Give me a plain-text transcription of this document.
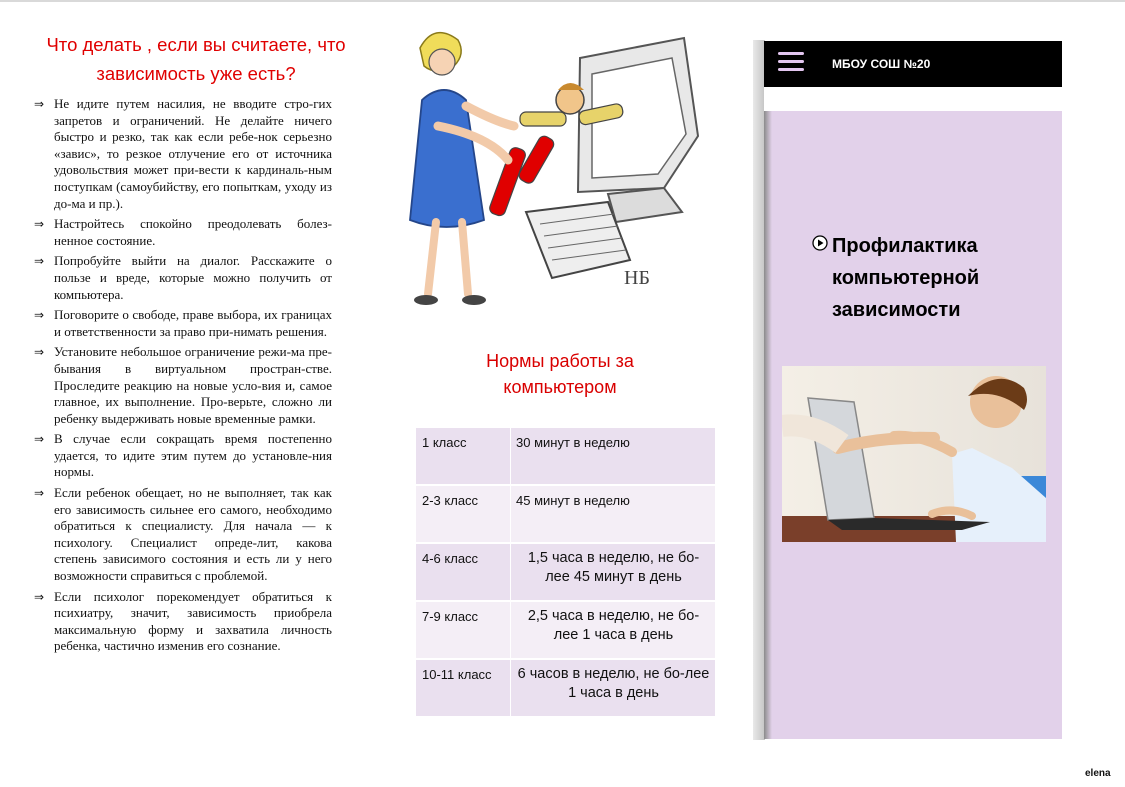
Что делать , если вы считаете, что зависимость уже есть?
⇒ Не идите путем насилия, не вводите стро-гих запретов и ограничений. Не делайте ничего быстро и резко, так как если ребе-нок серьезно «завис», то резкое отлучение его от источника удовольствия может при-вести к кардиналь-ным поступкам (самоубийству, его попыткам, уходу из до-ма и пр.).
⇒ Настройтесь спокойно преодолевать болез-ненное состояние.
⇒ Попробуйте выйти на диалог. Расскажите о пользе и вреде, которые можно получить от компьютера.
⇒ Поговорите о свободе, праве выбора, их границах и ответственности за право при-нимать решения.
⇒ Установите небольшое ограничение режи-ма пре-бывания в виртуальном простран-стве. Проследите реакцию на новые усло-вия и, самое главное, их выполнение. Про-верьте, сложно ли ребенку выдерживать новые временные рамки.
⇒ В случае если сокращать время постепенно удается, то идите этим путем до установле-ния нормы.
⇒ Если ребенок обещает, но не выполняет, так как его зависимость сильнее его самого, необходимо обратиться к специалисту. Для начала — к психологу. Специалист опреде-лит, какова степень зависимого состояния и есть ли у него возможности справиться с проблемой.
⇒ Если психолог порекомендует обратиться к психиатру, значит, зависимость приобрела максимальную форму и захватила личность ребенка, частично изменив его сознание.
НБ
Нормы работы за компьютером
1 класс	30 минут в неделю
2-3 класс	45 минут в неделю
4-6 класс	1,5 часа в неделю, не бо-лее 45 минут в день
7-9 класс	2,5 часа в неделю, не бо-лее 1 часа в день
10-11 класс	6 часов в неделю, не бо-лее 1 часа в день
МБОУ СОШ №20
Профилактика компьютерной зависимости
elena
